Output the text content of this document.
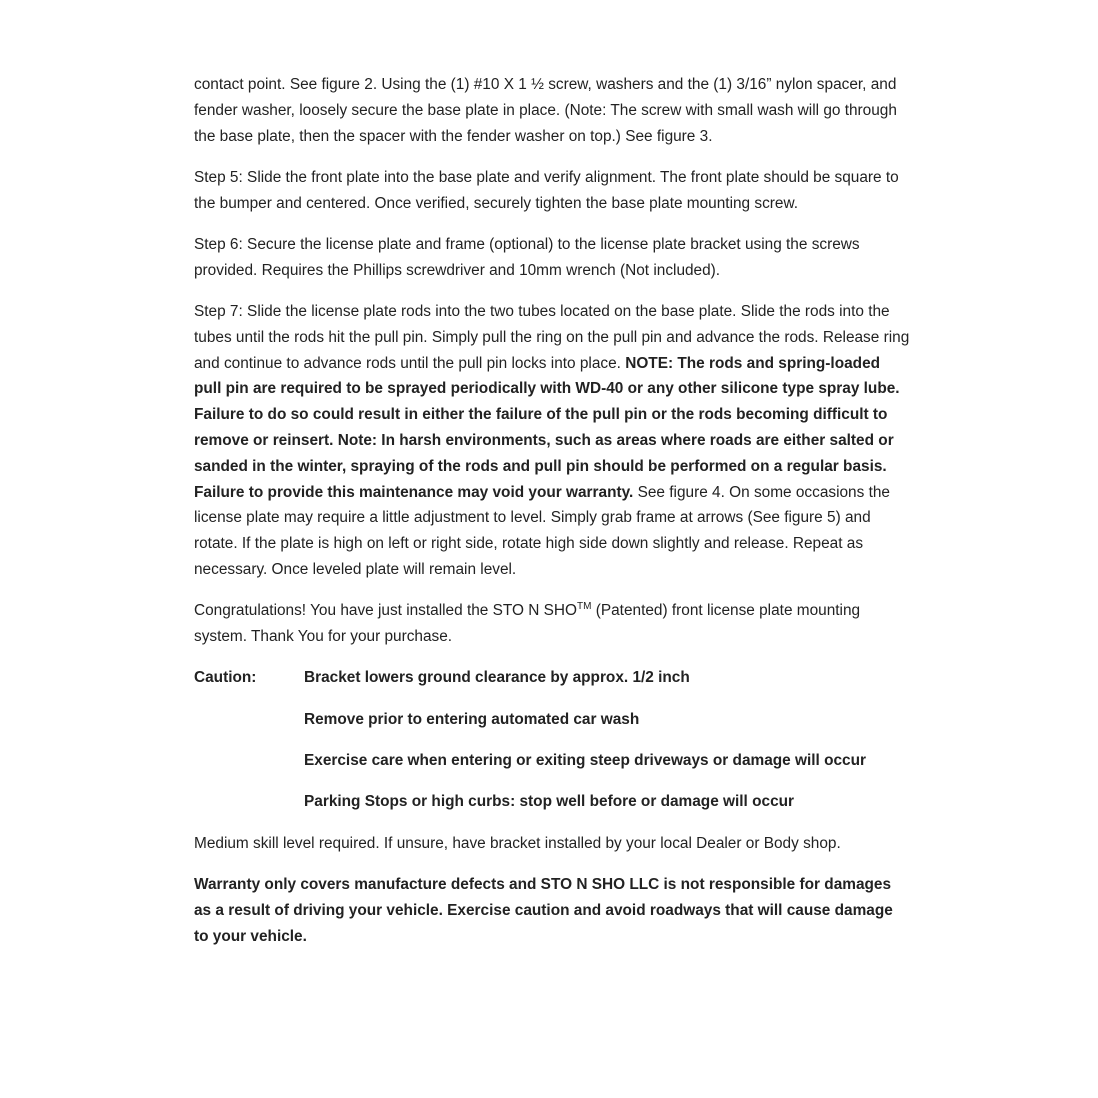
contact point. See figure 2. Using the (1) #10 X 1 ½ screw, washers and the (1) 3/16” nylon spacer, and fender washer, loosely secure the base plate in place. (Note: The screw with small wash will go through the base plate, then the spacer with the fender washer on top.) See figure 3.

Step 5: Slide the front plate into the base plate and verify alignment. The front plate should be square to the bumper and centered. Once verified, securely tighten the base plate mounting screw.

Step 6: Secure the license plate and frame (optional) to the license plate bracket using the screws provided. Requires the Phillips screwdriver and 10mm wrench (Not included).

Step 7: Slide the license plate rods into the two tubes located on the base plate. Slide the rods into the tubes until the rods hit the pull pin. Simply pull the ring on the pull pin and advance the rods. Release ring and continue to advance rods until the pull pin locks into place. NOTE: The rods and spring-loaded pull pin are required to be sprayed periodically with WD-40 or any other silicone type spray lube. Failure to do so could result in either the failure of the pull pin or the rods becoming difficult to remove or reinsert. Note: In harsh environments, such as areas where roads are either salted or sanded in the winter, spraying of the rods and pull pin should be performed on a regular basis. Failure to provide this maintenance may void your warranty. See figure 4. On some occasions the license plate may require a little adjustment to level. Simply grab frame at arrows (See figure 5) and rotate. If the plate is high on left or right side, rotate high side down slightly and release. Repeat as necessary. Once leveled plate will remain level.

Congratulations! You have just installed the STO N SHO™ (Patented) front license plate mounting system. Thank You for your purchase.

Caution:	Bracket lowers ground clearance by approx. 1/2 inch
Remove prior to entering automated car wash
Exercise care when entering or exiting steep driveways or damage will occur
Parking Stops or high curbs: stop well before or damage will occur

Medium skill level required. If unsure, have bracket installed by your local Dealer or Body shop.

Warranty only covers manufacture defects and STO N SHO LLC is not responsible for damages as a result of driving your vehicle. Exercise caution and avoid roadways that will cause damage to your vehicle.
